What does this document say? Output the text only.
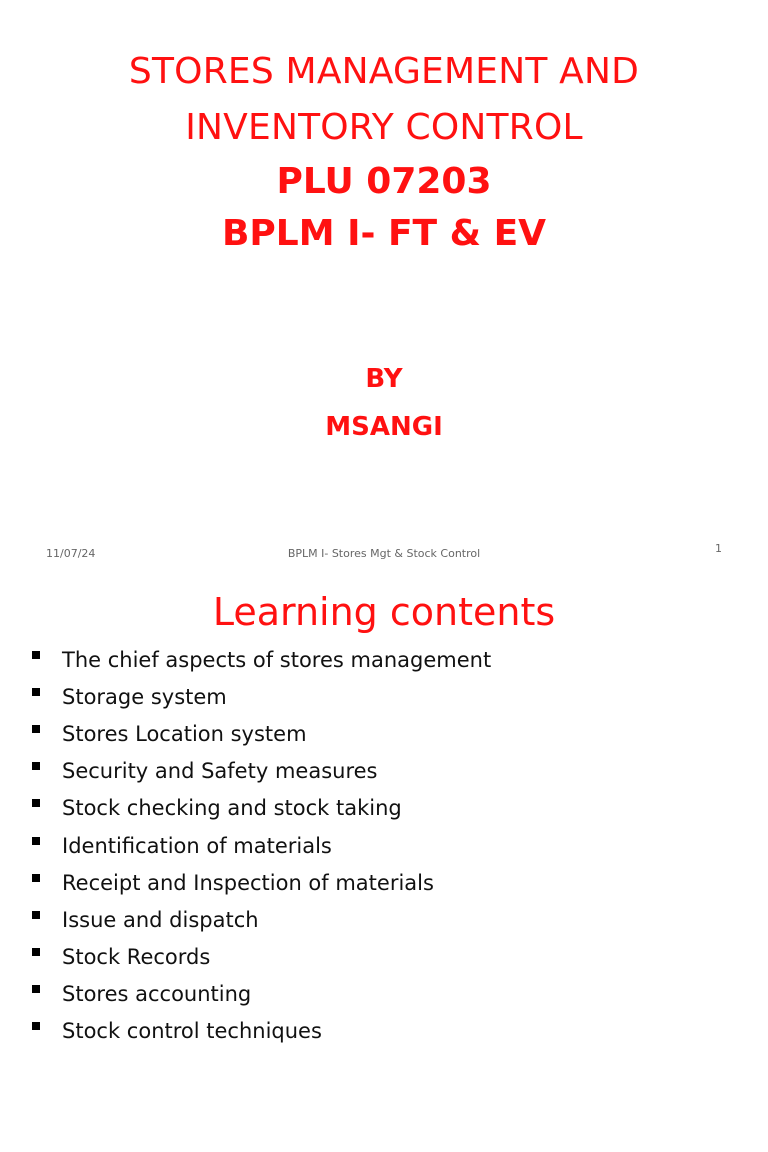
STORES MANAGEMENT AND
INVENTORY CONTROL
PLU 07203
BPLM I- FT & EV
BY
MSANGI
11/07/24	BPLM I- Stores Mgt & Stock Control	1
Learning contents
The chief aspects of stores management
Storage system
Stores Location system
Security and Safety measures
Stock checking and stock taking
Identification of materials
Receipt and Inspection of materials
Issue and dispatch
Stock Records
Stores accounting
Stock control techniques
